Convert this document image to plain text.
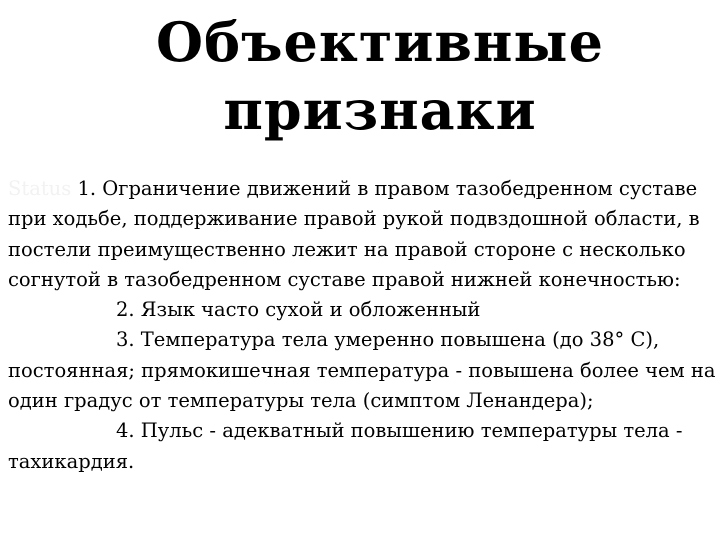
Объективные
признаки
Status 1. Ограничение движений в правом тазобедренном суставе
при ходьбе, поддерживание правой рукой подвздошной области, в
постели преимущественно лежит на правой стороне с несколько
согнутой в тазобедренном суставе правой нижней конечностью:
2. Язык часто сухой и обложенный
3. Температура тела умеренно повышена (до 38° С),
постоянная; прямокишечная температура - повышена более чем на
один градус от температуры тела (симптом Ленандера);
4. Пульс - адекватный повышению температуры тела -
тахикардия.
